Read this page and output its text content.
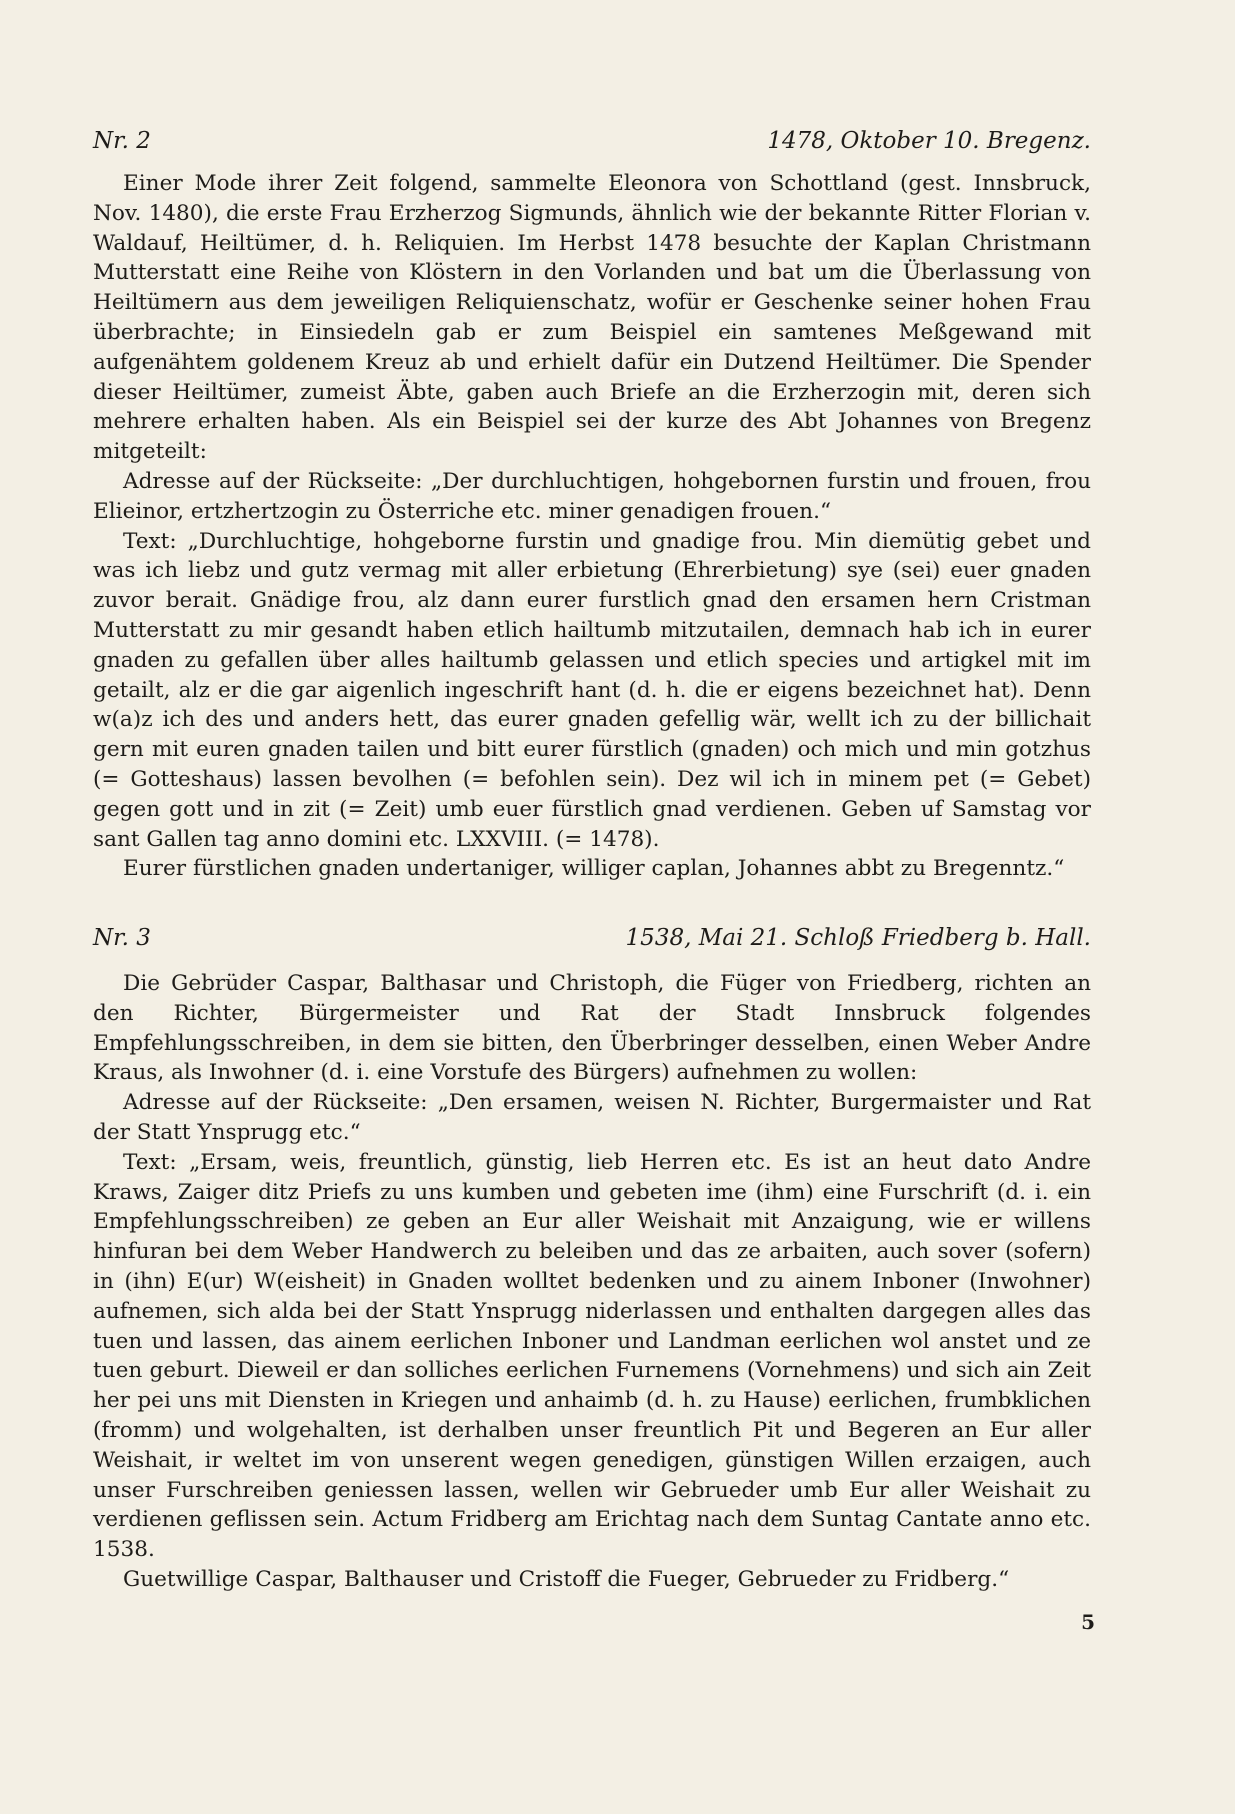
Nr. 2	1478, Oktober 10. Bregenz.

Einer Mode ihrer Zeit folgend, sammelte Eleonora von Schottland (gest. Innsbruck, Nov. 1480), die erste Frau Erzherzog Sigmunds, ähnlich wie der bekannte Ritter Florian v. Waldauf, Heiltümer, d. h. Reliquien. Im Herbst 1478 besuchte der Kaplan Christmann Mutterstatt eine Reihe von Klöstern in den Vorlanden und bat um die Überlassung von Heiltümern aus dem jeweiligen Reliquienschatz, wofür er Geschenke seiner hohen Frau überbrachte; in Einsiedeln gab er zum Beispiel ein samtenes Meßgewand mit aufgenähtem goldenem Kreuz ab und erhielt dafür ein Dutzend Heiltümer. Die Spender dieser Heiltümer, zumeist Äbte, gaben auch Briefe an die Erzherzogin mit, deren sich mehrere erhalten haben. Als ein Beispiel sei der kurze des Abt Johannes von Bregenz mitgeteilt:

Adresse auf der Rückseite: „Der durchluchtigen, hohgebornen furstin und frouen, frou Elieinor, ertzhertzogin zu Österriche etc. miner genadigen frouen.“

Text: „Durchluchtige, hohgeborne furstin und gnadige frou. Min diemütig gebet und was ich liebz und gutz vermag mit aller erbietung (Ehrerbietung) sye (sei) euer gnaden zuvor berait. Gnädige frou, alz dann eurer furstlich gnad den ersamen hern Cristman Mutterstatt zu mir gesandt haben etlich hailtumb mitzutailen, demnach hab ich in eurer gnaden zu gefallen über alles hailtumb gelassen und etlich species und artigkel mit im getailt, alz er die gar aigenlich ingeschrift hant (d. h. die er eigens bezeichnet hat). Denn w(a)z ich des und anders hett, das eurer gnaden gefellig wär, wellt ich zu der billichait gern mit euren gnaden tailen und bitt eurer fürstlich (gnaden) och mich und min gotzhus (= Gotteshaus) lassen bevolhen (= befohlen sein). Dez wil ich in minem pet (= Gebet) gegen gott und in zit (= Zeit) umb euer fürstlich gnad verdienen. Geben uf Samstag vor sant Gallen tag anno domini etc. LXXVIII. (= 1478).

Eurer fürstlichen gnaden undertaniger, williger caplan, Johannes abbt zu Bregenntz.“

Nr. 3	1538, Mai 21. Schloß Friedberg b. Hall.

Die Gebrüder Caspar, Balthasar und Christoph, die Füger von Friedberg, richten an den Richter, Bürgermeister und Rat der Stadt Innsbruck folgendes Empfehlungsschreiben, in dem sie bitten, den Überbringer desselben, einen Weber Andre Kraus, als Inwohner (d. i. eine Vorstufe des Bürgers) aufnehmen zu wollen:

Adresse auf der Rückseite: „Den ersamen, weisen N. Richter, Burgermaister und Rat der Statt Ynsprugg etc.“

Text: „Ersam, weis, freuntlich, günstig, lieb Herren etc. Es ist an heut dato Andre Kraws, Zaiger ditz Priefs zu uns kumben und gebeten ime (ihm) eine Furschrift (d. i. ein Empfehlungsschreiben) ze geben an Eur aller Weishait mit Anzaigung, wie er willens hinfuran bei dem Weber Handwerch zu beleiben und das ze arbaiten, auch sover (sofern) in (ihn) E(ur) W(eisheit) in Gnaden wolltet bedenken und zu ainem Inboner (Inwohner) aufnemen, sich alda bei der Statt Ynsprugg niderlassen und enthalten dargegen alles das tuen und lassen, das ainem eerlichen Inboner und Landman eerlichen wol anstet und ze tuen geburt. Dieweil er dan solliches eerlichen Furnemens (Vornehmens) und sich ain Zeit her pei uns mit Diensten in Kriegen und anhaimb (d. h. zu Hause) eerlichen, frumbklichen (fromm) und wolgehalten, ist derhalben unser freuntlich Pit und Begeren an Eur aller Weishait, ir weltet im von unserent wegen genedigen, günstigen Willen erzaigen, auch unser Furschreiben geniessen lassen, wellen wir Gebrueder umb Eur aller Weishait zu verdienen geflissen sein. Actum Fridberg am Erichtag nach dem Suntag Cantate anno etc. 1538.

Guetwillige Caspar, Balthauser und Cristoff die Fueger, Gebrueder zu Fridberg.“

5
